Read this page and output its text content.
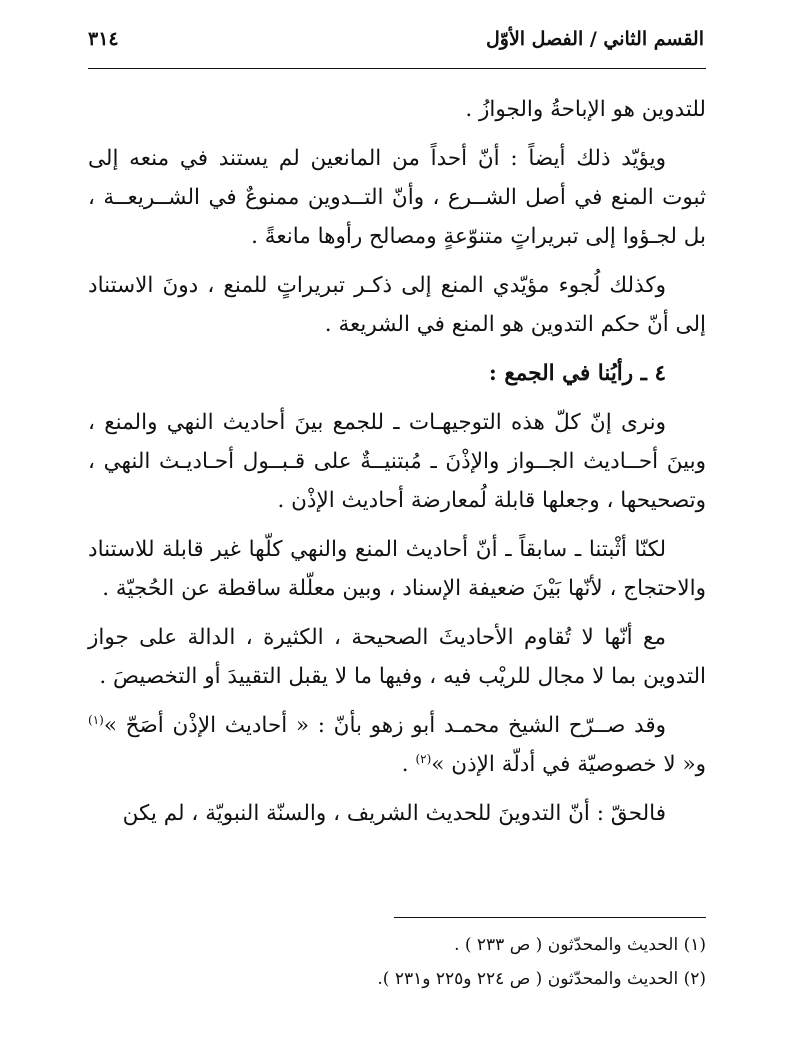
القسم الثاني / الفصل الأوّل
٣١٤

للتدوين هو الإباحةُ والجوازُ .

ويؤيّد ذلك أيضاً : أنّ أحداً من المانعين لم يستند في منعه إلى ثبوت المنع في أصل الشــرع ، وأنّ التــدوين ممنوعٌ في الشــريعــة ، بل لجـؤوا إلى تبريراتٍ متنوّعةٍ ومصالح رأوها مانعةً .

وكذلك لُجوء مؤيّدي المنع إلى ذكـر تبريراتٍ للمنع ، دونَ الاستناد إلى أنّ حكم التدوين هو المنع في الشريعة .

٤ ـ رأيُنا في الجمع :

ونرى إنّ كلّ هذه التوجيهـات ـ للجمع بينَ أحاديث النهي والمنع ، وبينَ أحــاديث الجــواز والإذْنَ ـ مُبتنيــةٌ على قـبــول أحـاديـث النهي ، وتصحيحها ، وجعلها قابلة لُمعارضة أحاديث الإذْن .

لكنّا أثْبتنا ـ سابقاً ـ أنّ أحاديث المنع والنهي كلّها غير قابلة للاستناد والاحتجاج ، لأنّها بَيْنَ ضعيفة الإسناد ، وبين معلّلة ساقطة عن الحُجيّة .

مع أنّها لا تُقاوم الأحاديثَ الصحيحة ، الكثيرة ، الدالة على جواز التدوين بما لا مجال للريْب فيه ، وفيها ما لا يقبل التقييدَ أو التخصيصَ .

وقد صــرّح الشيخ محمـد أبو زهو بأنّ : « أحاديث الإذْن أصَحّ »$^{(١)}$ و« لا خصوصيّة في أدلّة الإذن »$^{(٢)}$ .

فالحقّ : أنّ التدوينَ للحديث الشريف ، والسنّة النبويّة ، لم يكن

(١) الحديث والمحدّثون ( ص ٢٣٣ ) .

(٢) الحديث والمحدّثون ( ص ٢٢٤ و٢٢٥ و٢٣١ ).
